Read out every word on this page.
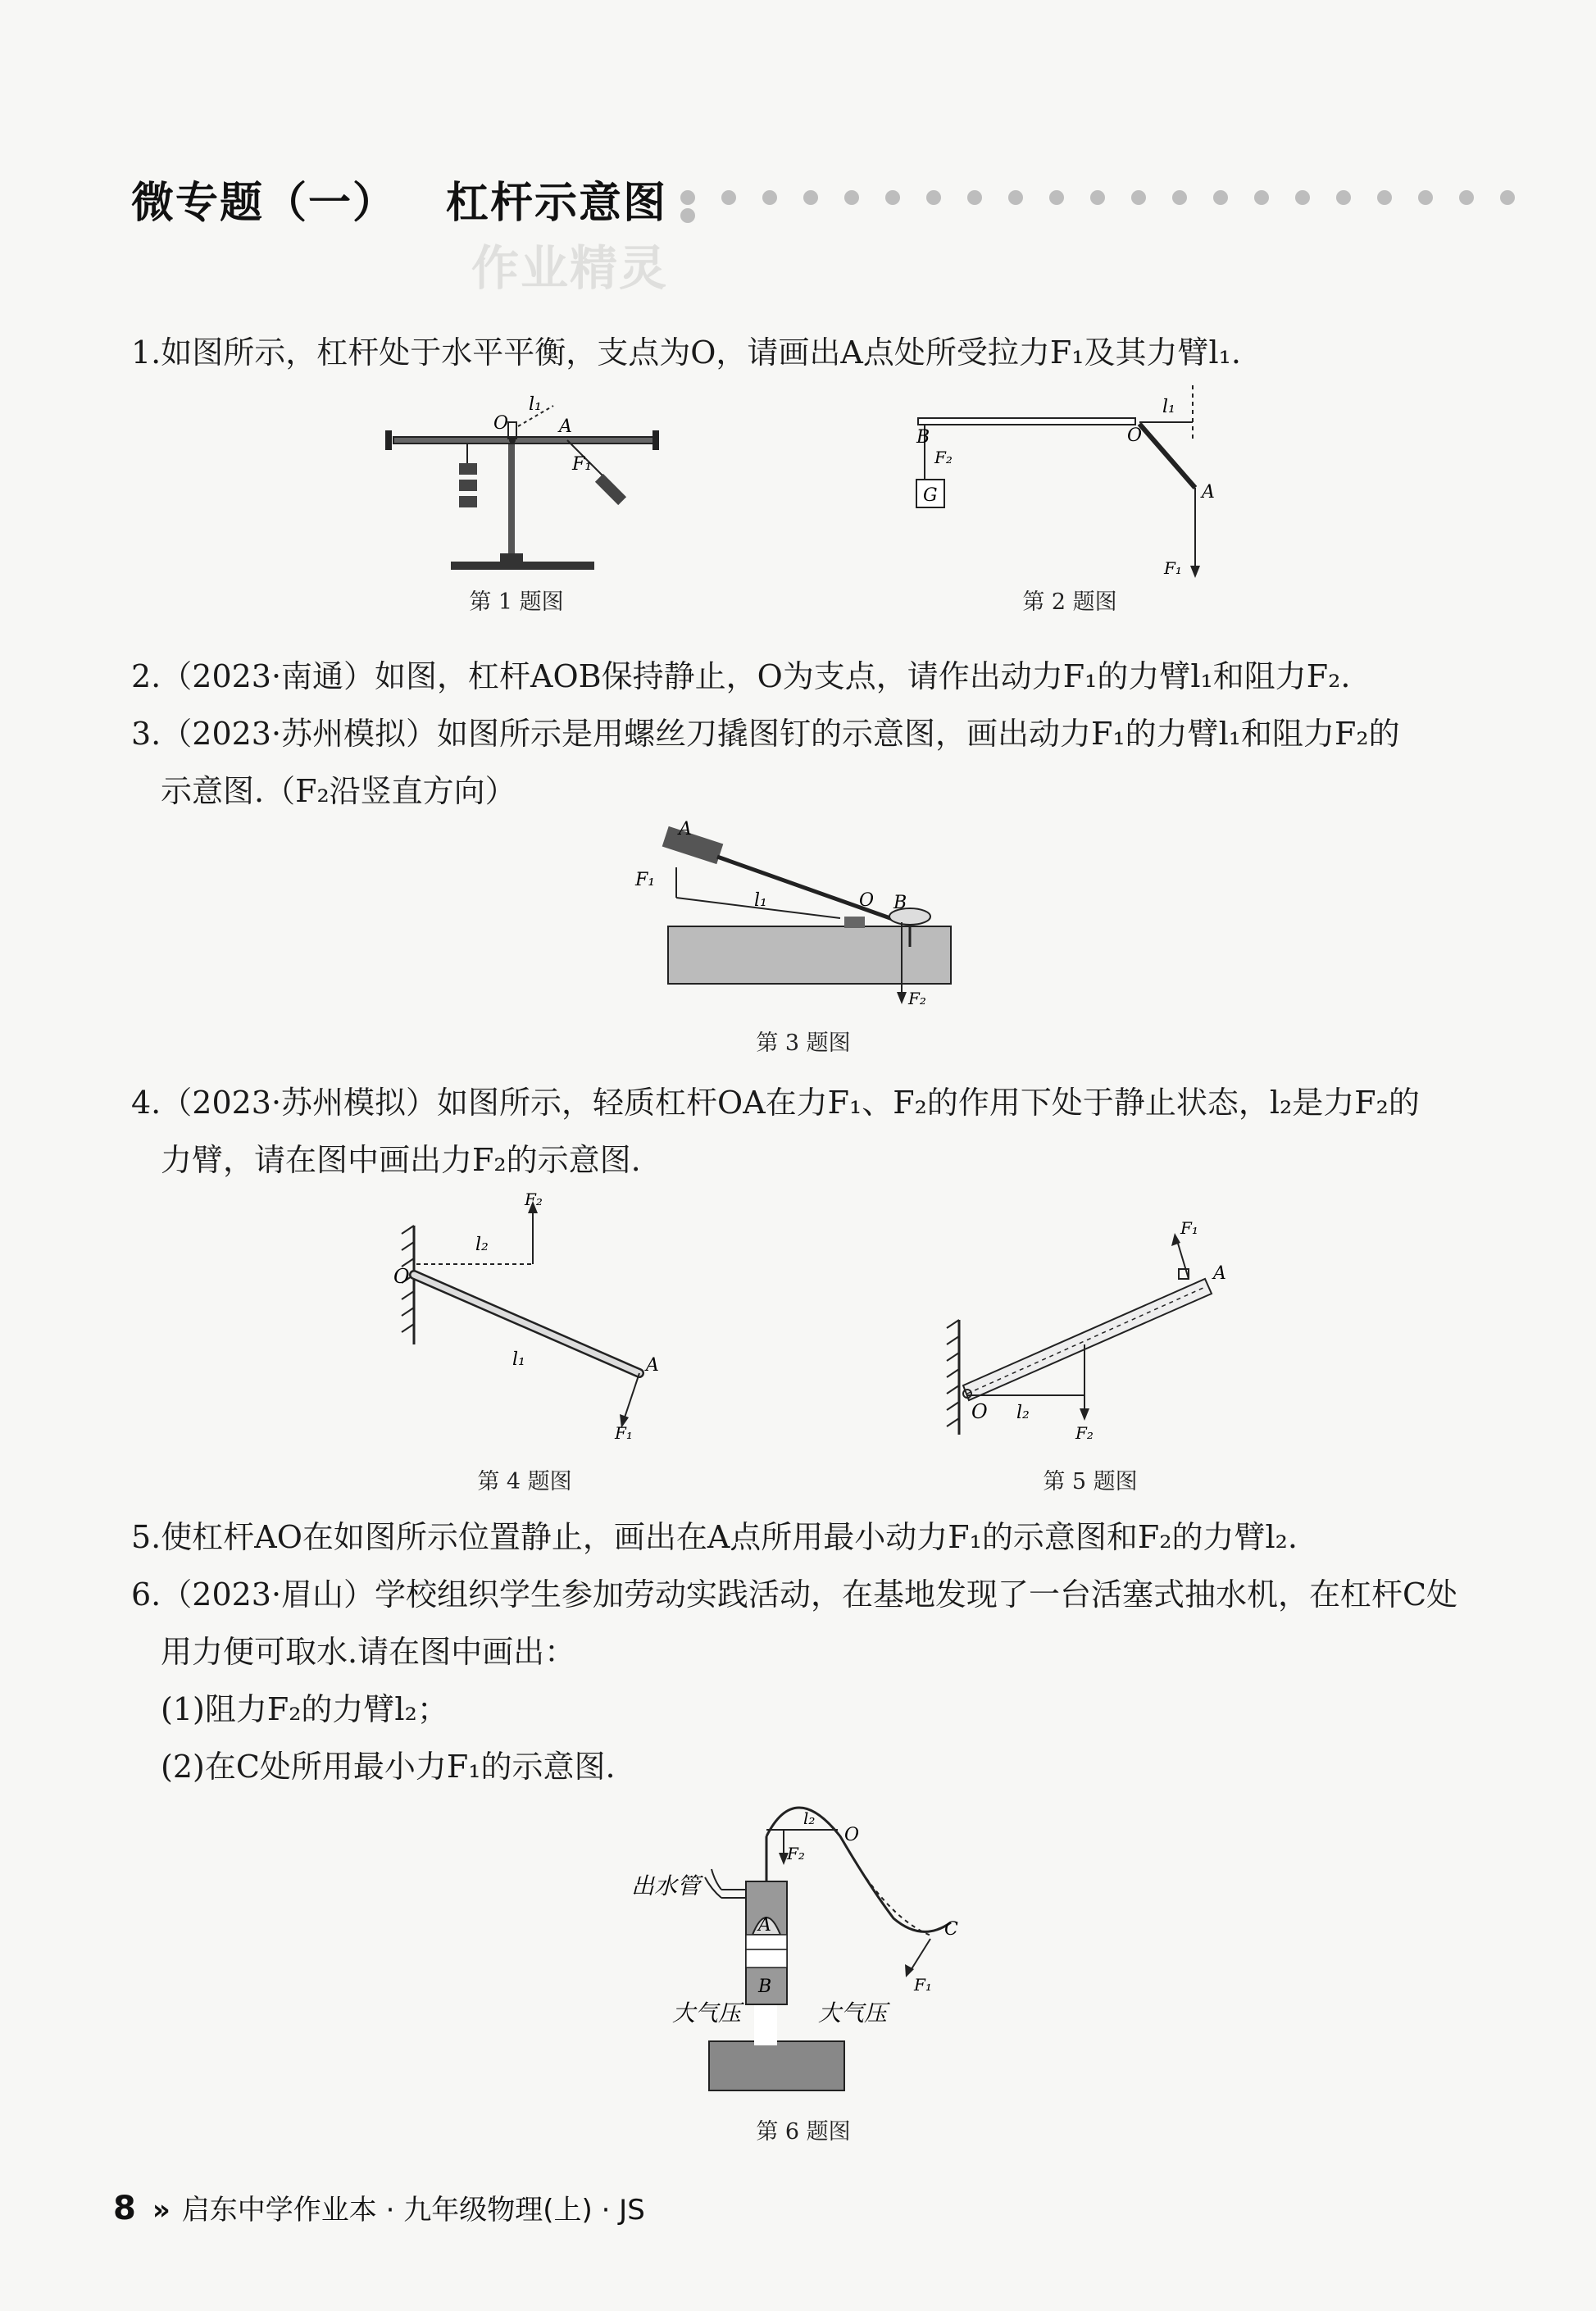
微专题（一） 杠杆示意图
作业精灵

1.如图所示，杠杆处于水平平衡，支点为O，请画出A点处所受拉力F₁及其力臂l₁.

O
l₁
A
F₁
第 1 题图
G
B
F₂
O
l₁
A
F₁
第 2 题图

2.（2023·南通）如图，杠杆AOB保持静止，O为支点，请作出动力F₁的力臂l₁和阻力F₂.

3.（2023·苏州模拟）如图所示是用螺丝刀撬图钉的示意图，画出动力F₁的力臂l₁和阻力F₂的

示意图.（F₂沿竖直方向）

A
F₁
l₁	O B
F₂
第 3 题图

4.（2023·苏州模拟）如图所示，轻质杠杆OA在力F₁、F₂的作用下处于静止状态，l₂是力F₂的

力臂，请在图中画出力F₂的示意图.

O
l₂
F₂
l₁	A
F₁
第 4 题图
O l₂
F₂
A
F₁
第 5 题图

5.使杠杆AO在如图所示位置静止，画出在A点所用最小动力F₁的示意图和F₂的力臂l₂.

6.（2023·眉山）学校组织学生参加劳动实践活动，在基地发现了一台活塞式抽水机，在杠杆C处

用力便可取水.请在图中画出：

(1)阻力F₂的力臂l₂；

(2)在C处所用最小力F₁的示意图.

出水管
大气压	大气压
A
B
l₂
F₂
O
C
F₁
第 6 题图
8 » 启东中学作业本 · 九年级物理(上) · JS
